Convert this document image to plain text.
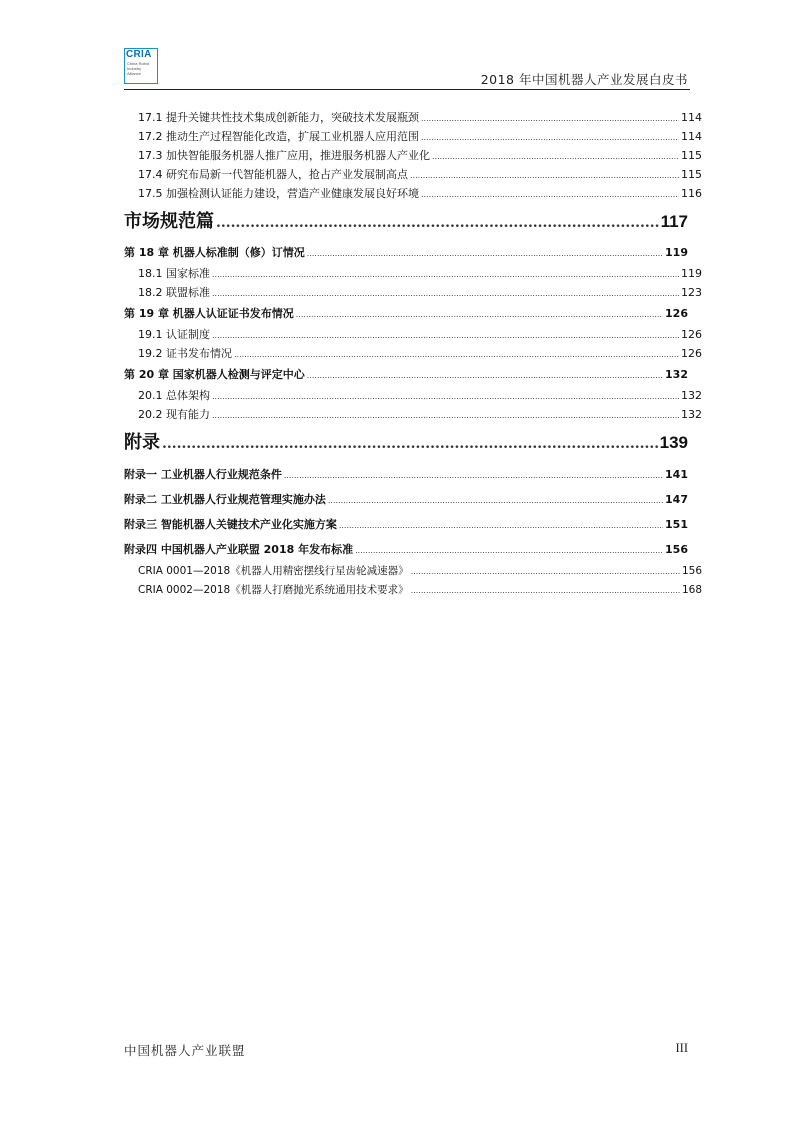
CRIA
China Robot Industry Alliance	2018 年中国机器人产业发展白皮书
17.1 提升关键共性技术集成创新能力，突破技术发展瓶颈 .....	114
17.2 推动生产过程智能化改造，扩展工业机器人应用范围 .....	114
17.3 加快智能服务机器人推广应用，推进服务机器人产业化 .....	115
17.4 研究布局新一代智能机器人，抢占产业发展制高点 .....	115
17.5 加强检测认证能力建设，营造产业健康发展良好环境 .....	116
市场规范篇 .....	117
第 18 章 机器人标准制（修）订情况 .....	119
18.1 国家标准 .....	119
18.2 联盟标准 .....	123
第 19 章 机器人认证证书发布情况 .....	126
19.1 认证制度 .....	126
19.2 证书发布情况 .....	126
第 20 章 国家机器人检测与评定中心 .....	132
20.1 总体架构 .....	132
20.2 现有能力 .....	132
附录 .....	139
附录一 工业机器人行业规范条件 .....	141
附录二 工业机器人行业规范管理实施办法 .....	147
附录三 智能机器人关键技术产业化实施方案 .....	151
附录四 中国机器人产业联盟 2018 年发布标准 .....	156
CRIA 0001—2018《机器人用精密摆线行星齿轮减速器》 .....	156
CRIA 0002—2018《机器人打磨抛光系统通用技术要求》 .....	168
中国机器人产业联盟	III
